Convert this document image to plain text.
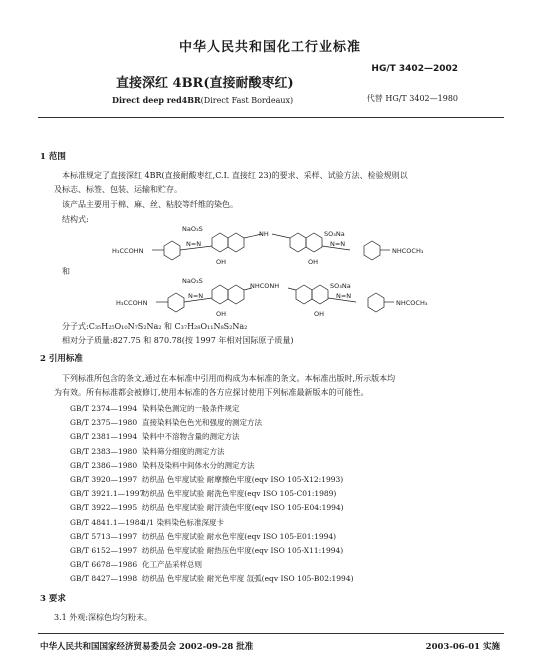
中华人民共和国化工行业标准
HG/T 3402—2002
直接深红 4BR(直接耐酸枣红)
Direct deep red4BR(Direct Fast Bordeaux)	代替 HG/T 3402—1980
1 范围
本标准规定了直接深红 4BR(直接耐酸枣红,C.I. 直接红 23)的要求、采样、试验方法、检验规则以
及标志、标签、包装、运输和贮存。
该产品主要用于棉、麻、丝、粘胶等纤维的染色。
结构式:
NaO₃S
NH	SO₃Na
H₃CCOHN	NHCOCH₃
OH	OH
N=N	N=N
和
NaO₃S
NHCONH	SO₃Na
H₃CCOHN	NHCOCH₃
OH	OH
N=N	N=N
分子式:C₃₅H₂₅O₁₀N₇S₂Na₂ 和 C₃₇H₂₈O₁₁N₈S₂Na₂
相对分子质量:827.75 和 870.78(按 1997 年相对国际原子质量)
2 引用标准
下列标准所包含的条文,通过在本标准中引用而构成为本标准的条文。本标准出版时,所示版本均
为有效。所有标准都会被修订,使用本标准的各方应探讨使用下列标准最新版本的可能性。
GB/T 2374—1994 染料染色测定的一般条件规定
GB/T 2375—1980 直接染料染色色光和强度的测定方法
GB/T 2381—1994 染料中不溶物含量的测定方法
GB/T 2383—1980 染料筛分细度的测定方法
GB/T 2386—1980 染料及染料中间体水分的测定方法
GB/T 3920—1997 纺织品 色牢度试验 耐摩擦色牢度(eqv ISO 105-X12:1993)
GB/T 3921.1—1997纺织品 色牢度试验 耐洗色牢度(eqv ISO 105-C01:1989)
GB/T 3922—1995 纺织品 色牢度试验 耐汗渍色牢度(eqv ISO 105-E04:1994)
GB/T 4841.1—19841/1 染料染色标准深度卡
GB/T 5713—1997 纺织品 色牢度试验 耐水色牢度(eqv ISO 105-E01:1994)
GB/T 6152—1997 纺织品 色牢度试验 耐热压色牢度(eqv ISO 105-X11:1994)
GB/T 6678—1986 化工产品采样总则
GB/T 8427—1998 纺织品 色牢度试验 耐光色牢度 氙弧(eqv ISO 105-B02:1994)
3 要求
3.1 外观:深棕色均匀粉末。
中华人民共和国国家经济贸易委员会 2002-09-28 批准	2003-06-01 实施
